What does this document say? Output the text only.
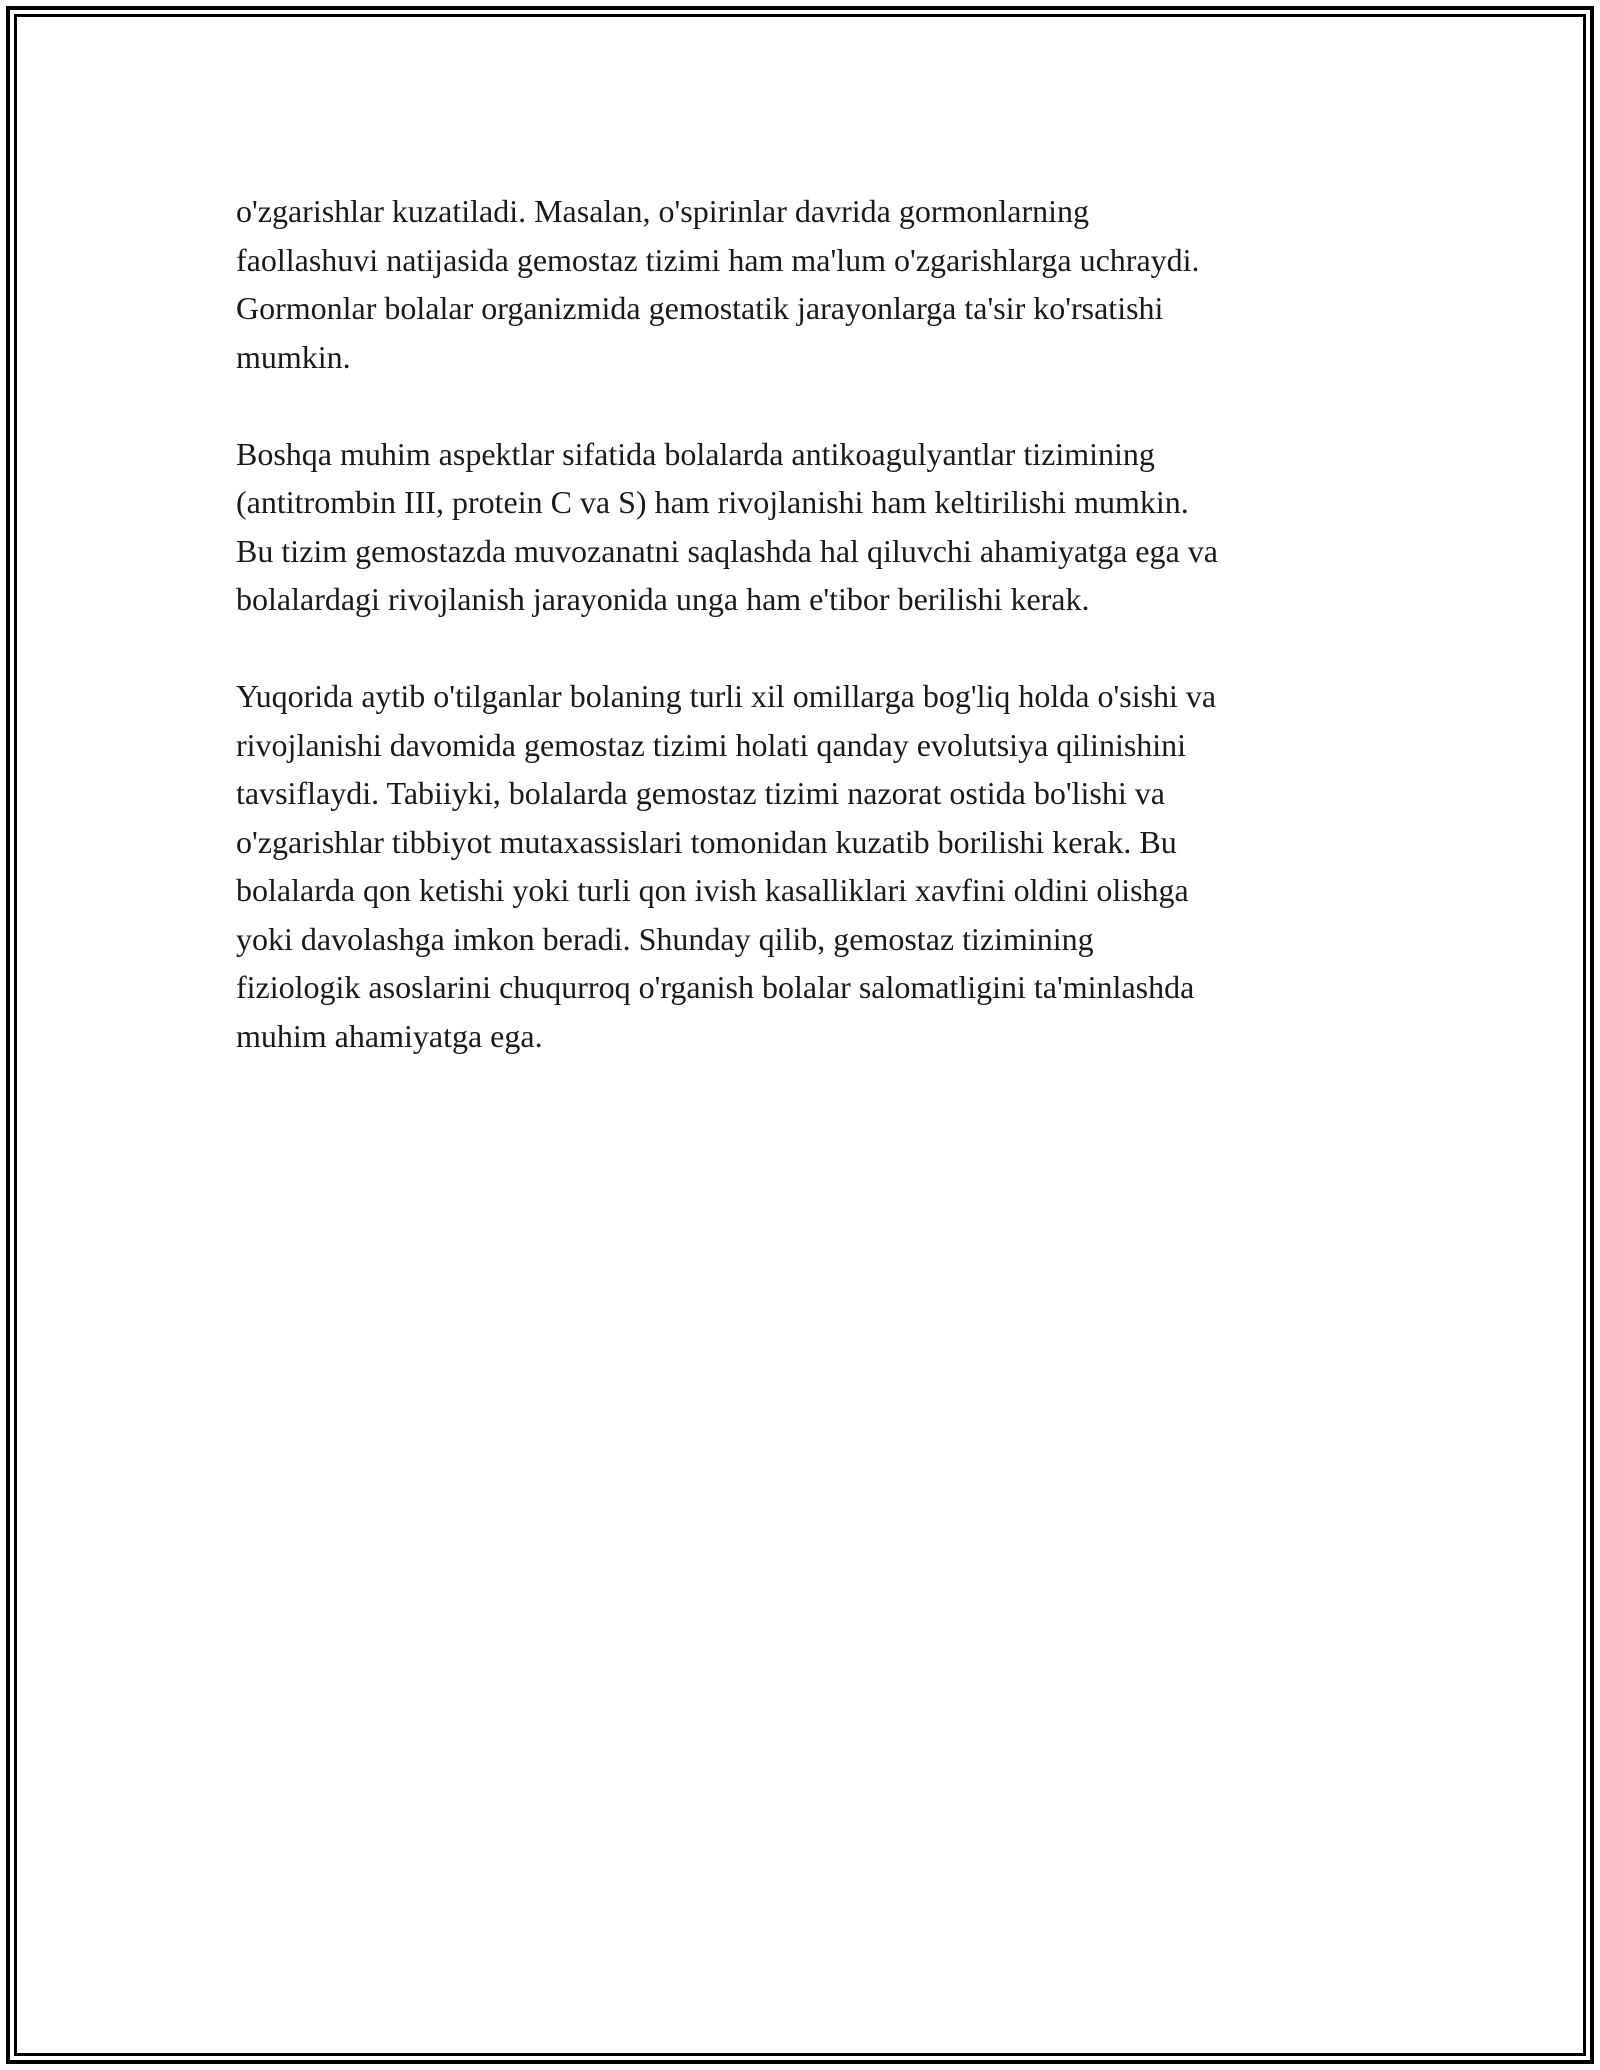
o'zgarishlar kuzatiladi. Masalan, o'spirinlar davrida gormonlarning
faollashuvi natijasida gemostaz tizimi ham ma'lum o'zgarishlarga uchraydi.
Gormonlar bolalar organizmida gemostatik jarayonlarga ta'sir ko'rsatishi
mumkin.

Boshqa muhim aspektlar sifatida bolalarda antikoagulyantlar tizimining
(antitrombin III, protein C va S) ham rivojlanishi ham keltirilishi mumkin.
Bu tizim gemostazda muvozanatni saqlashda hal qiluvchi ahamiyatga ega va
bolalardagi rivojlanish jarayonida unga ham e'tibor berilishi kerak.

Yuqorida aytib o'tilganlar bolaning turli xil omillarga bog'liq holda o'sishi va
rivojlanishi davomida gemostaz tizimi holati qanday evolutsiya qilinishini
tavsiflaydi. Tabiiyki, bolalarda gemostaz tizimi nazorat ostida bo'lishi va
o'zgarishlar tibbiyot mutaxassislari tomonidan kuzatib borilishi kerak. Bu
bolalarda qon ketishi yoki turli qon ivish kasalliklari xavfini oldini olishga
yoki davolashga imkon beradi. Shunday qilib, gemostaz tizimining
fiziologik asoslarini chuqurroq o'rganish bolalar salomatligini ta'minlashda
muhim ahamiyatga ega.
